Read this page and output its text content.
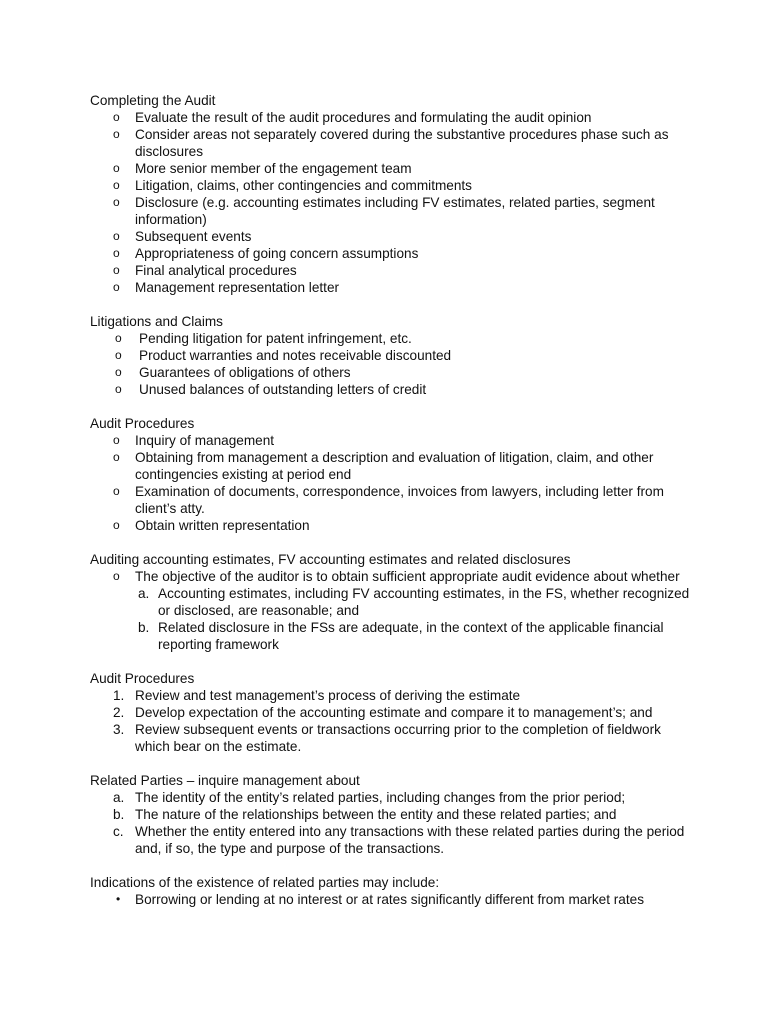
Completing the Audit
o Evaluate the result of the audit procedures and formulating the audit opinion
o Consider areas not separately covered during the substantive procedures phase such as disclosures
o More senior member of the engagement team
o Litigation, claims, other contingencies and commitments
o Disclosure (e.g. accounting estimates including FV estimates, related parties, segment information)
o Subsequent events
o Appropriateness of going concern assumptions
o Final analytical procedures
o Management representation letter
Litigations and Claims
o Pending litigation for patent infringement, etc.
o Product warranties and notes receivable discounted
o Guarantees of obligations of others
o Unused balances of outstanding letters of credit
Audit Procedures
o Inquiry of management
o Obtaining from management a description and evaluation of litigation, claim, and other contingencies existing at period end
o Examination of documents, correspondence, invoices from lawyers, including letter from client’s atty.
o Obtain written representation
Auditing accounting estimates, FV accounting estimates and related disclosures
o The objective of the auditor is to obtain sufficient appropriate audit evidence about whether
a. Accounting estimates, including FV accounting estimates, in the FS, whether recognized or disclosed, are reasonable; and
b. Related disclosure in the FSs are adequate, in the context of the applicable financial reporting framework
Audit Procedures
1. Review and test management’s process of deriving the estimate
2. Develop expectation of the accounting estimate and compare it to management’s; and
3. Review subsequent events or transactions occurring prior to the completion of fieldwork which bear on the estimate.
Related Parties – inquire management about
a. The identity of the entity’s related parties, including changes from the prior period;
b. The nature of the relationships between the entity and these related parties; and
c. Whether the entity entered into any transactions with these related parties during the period and, if so, the type and purpose of the transactions.
Indications of the existence of related parties may include:
• Borrowing or lending at no interest or at rates significantly different from market rates
